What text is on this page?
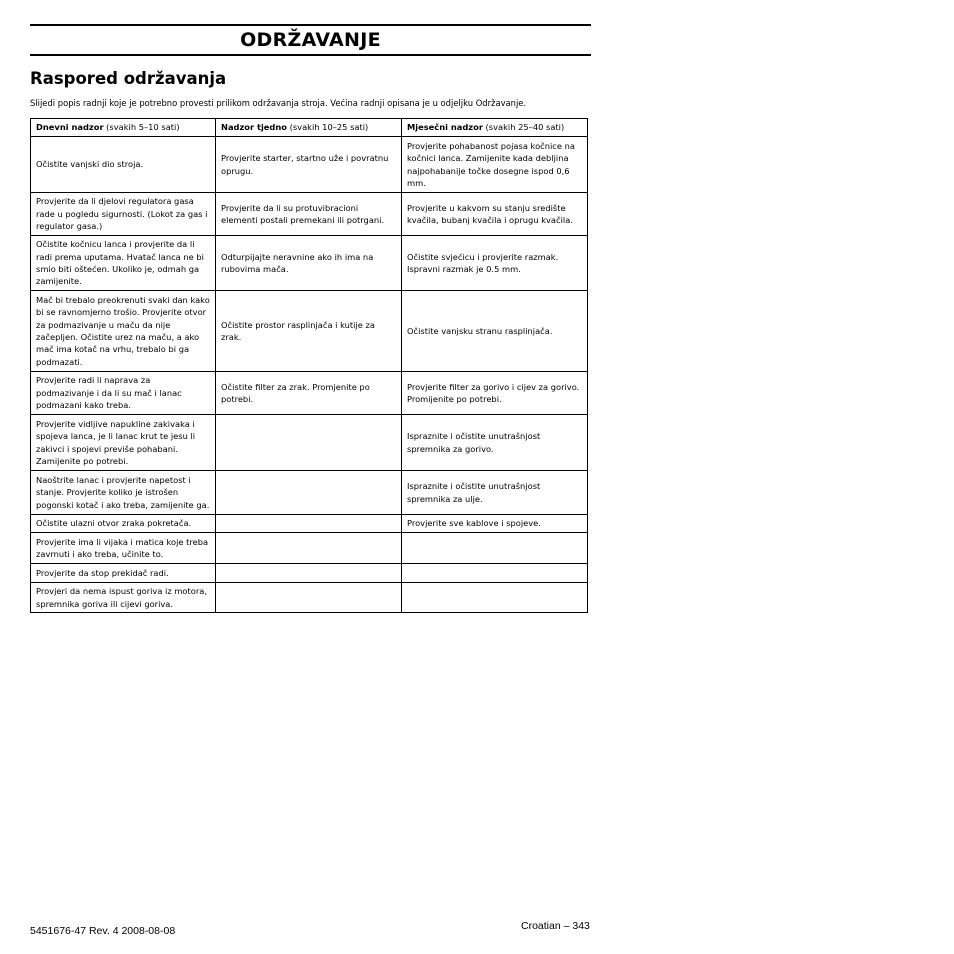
ODRŽAVANJE
Raspored održavanja
Slijedi popis radnji koje je potrebno provesti prilikom održavanja stroja. Većina radnji opisana je u odjeljku Održavanje.
Dnevni nadzor (svakih 5–10 sati)	Nadzor tjedno (svakih 10–25 sati)	Mjesečni nadzor (svakih 25–40 sati)
Očistite vanjski dio stroja.	Provjerite starter, startno uže i povratnu oprugu.	Provjerite pohabanost pojasa kočnice na kočnici lanca. Zamijenite kada debljina najpohabanije točke dosegne ispod 0,6 mm.
Provjerite da li djelovi regulatora gasa rade u pogledu sigurnosti. (Lokot za gas i regulator gasa.)	Provjerite da li su protuvibracioni elementi postali premekani ili potrgani.	Provjerite u kakvom su stanju središte kvačila, bubanj kvačila i oprugu kvačila.
Očistite kočnicu lanca i provjerite da li radi prema uputama. Hvatač lanca ne bi smio biti oštećen. Ukoliko je, odmah ga zamijenite.	Odturpijajte neravnine ako ih ima na rubovima mača.	Očistite svjećicu i provjerite razmak. Ispravni razmak je 0.5 mm.
Mač bi trebalo preokrenuti svaki dan kako bi se ravnomjerno trošio. Provjerite otvor za podmazivanje u maču da nije začepljen. Očistite urez na maču, a ako mač ima kotač na vrhu, trebalo bi ga podmazati.	Očistite prostor rasplinjača i kutije za zrak.	Očistite vanjsku stranu rasplinjača.
Provjerite radi li naprava za podmazivanje i da li su mač i lanac podmazani kako treba.	Očistite filter za zrak. Promjenite po potrebi.	Provjerite filter za gorivo i cijev za gorivo. Promijenite po potrebi.
Provjerite vidljive napukline zakivaka i spojeva lanca, je li lanac krut te jesu li zakivci i spojevi previše pohabani. Zamijenite po potrebi.		Ispraznite i očistite unutrašnjost spremnika za gorivo.
Naoštrite lanac i provjerite napetost i stanje. Provjerite koliko je istrošen pogonski kotač i ako treba, zamijenite ga.		Ispraznite i očistite unutrašnjost spremnika za ulje.
Očistite ulazni otvor zraka pokretača.		Provjerite sve kablove i spojeve.
Provjerite ima li vijaka i matica koje treba zavrnuti i ako treba, učinite to.		
Provjerite da stop prekidač radi.		
Provjeri da nema ispust goriva iz motora, spremnika goriva ili cijevi goriva.		
5451676-47 Rev. 4 2008-08-08	Croatian – 343
